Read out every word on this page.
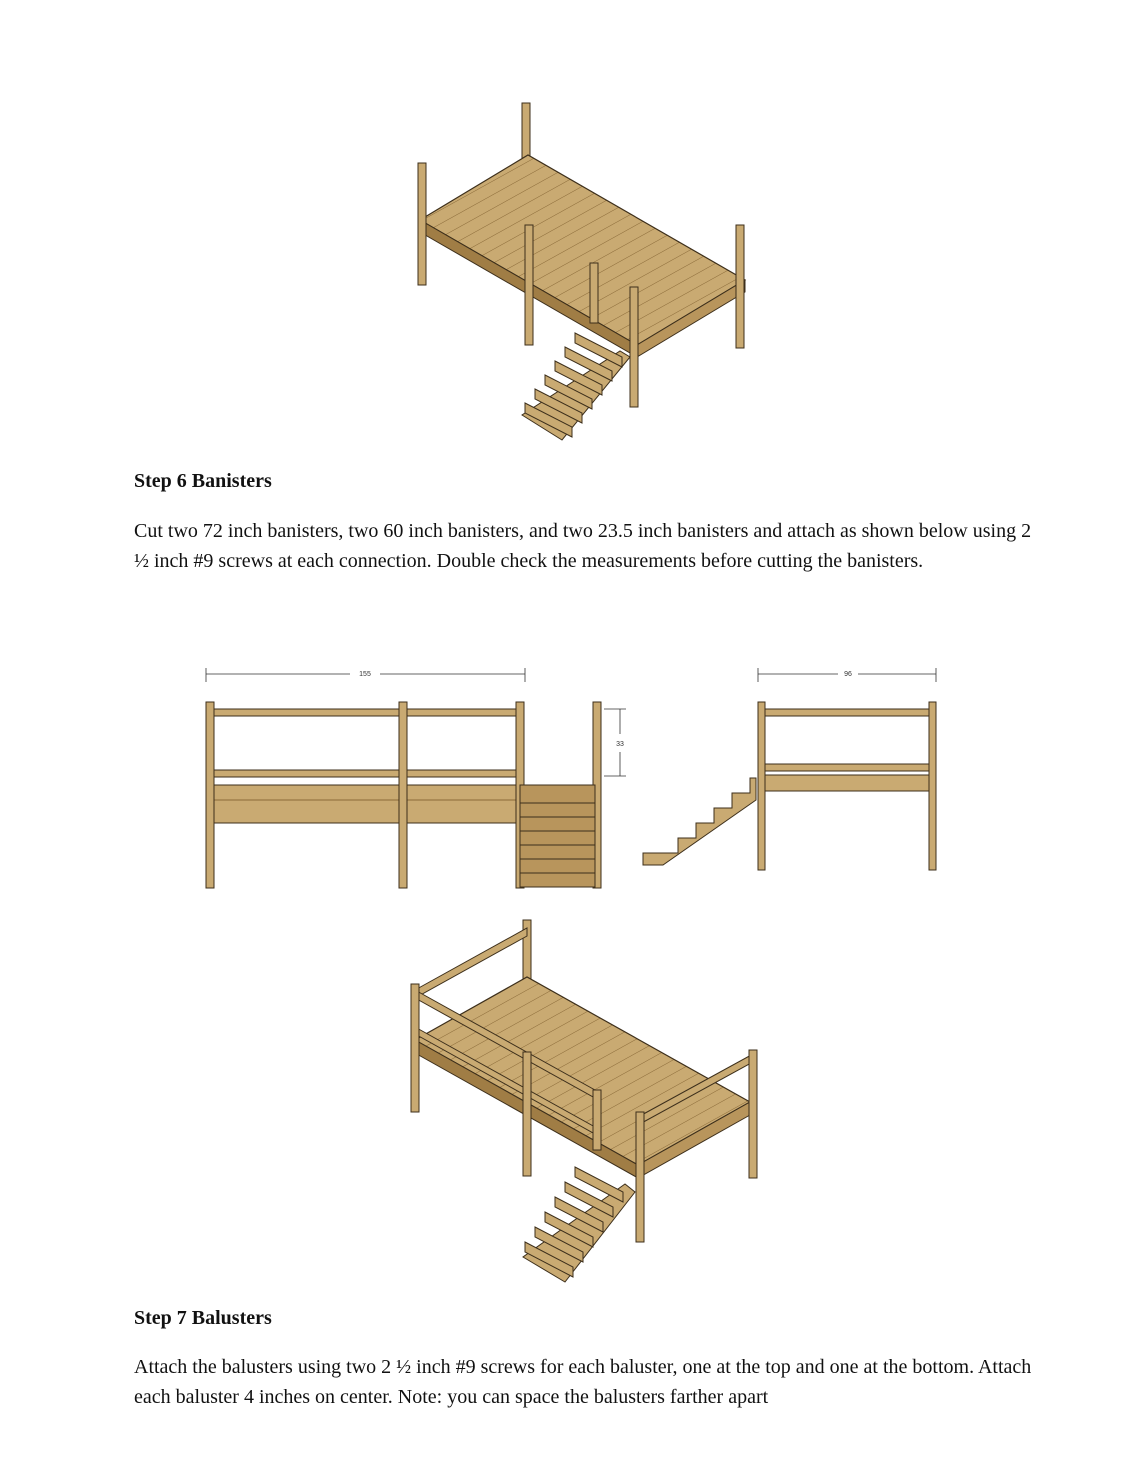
Step 6 Banisters

Cut two 72 inch banisters, two 60 inch banisters, and two 23.5 inch banisters and attach as shown below using 2 ½ inch #9 screws at each connection. Double check the measurements before cutting the banisters.

155
33
96

Step 7 Balusters

Attach the balusters using two 2 ½ inch #9 screws for each baluster, one at the top and one at the bottom. Attach each baluster 4 inches on center. Note: you can space the balusters farther apart
